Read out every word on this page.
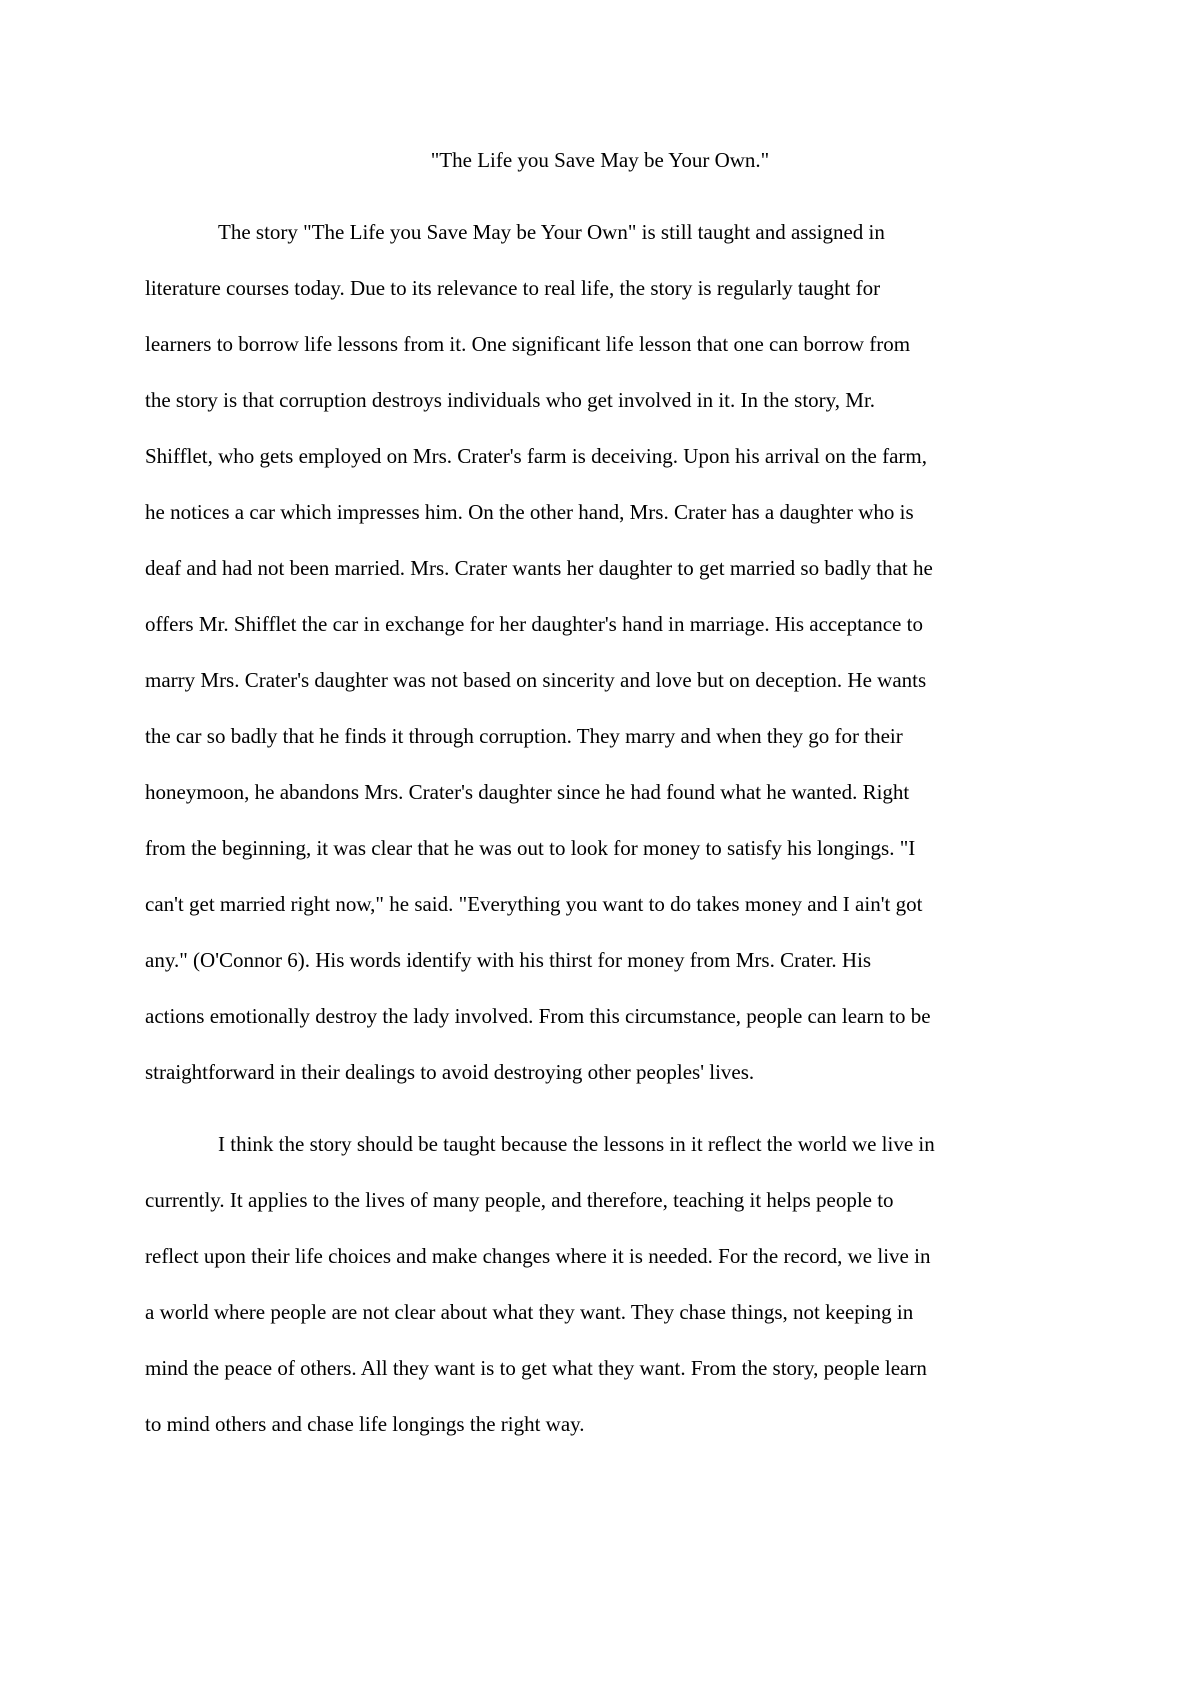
"The Life you Save May be Your Own."
The story "The Life you Save May be Your Own" is still taught and assigned in
literature courses today. Due to its relevance to real life, the story is regularly taught for
learners to borrow life lessons from it. One significant life lesson that one can borrow from
the story is that corruption destroys individuals who get involved in it. In the story, Mr.
Shifflet, who gets employed on Mrs. Crater's farm is deceiving. Upon his arrival on the farm,
he notices a car which impresses him. On the other hand, Mrs. Crater has a daughter who is
deaf and had not been married. Mrs. Crater wants her daughter to get married so badly that he
offers Mr. Shifflet the car in exchange for her daughter's hand in marriage. His acceptance to
marry Mrs. Crater's daughter was not based on sincerity and love but on deception. He wants
the car so badly that he finds it through corruption. They marry and when they go for their
honeymoon, he abandons Mrs. Crater's daughter since he had found what he wanted. Right
from the beginning, it was clear that he was out to look for money to satisfy his longings. "I
can't get married right now," he said. "Everything you want to do takes money and I ain't got
any." (O'Connor 6). His words identify with his thirst for money from Mrs. Crater. His
actions emotionally destroy the lady involved. From this circumstance, people can learn to be
straightforward in their dealings to avoid destroying other peoples' lives.
I think the story should be taught because the lessons in it reflect the world we live in
currently. It applies to the lives of many people, and therefore, teaching it helps people to
reflect upon their life choices and make changes where it is needed. For the record, we live in
a world where people are not clear about what they want. They chase things, not keeping in
mind the peace of others. All they want is to get what they want. From the story, people learn
to mind others and chase life longings the right way.
